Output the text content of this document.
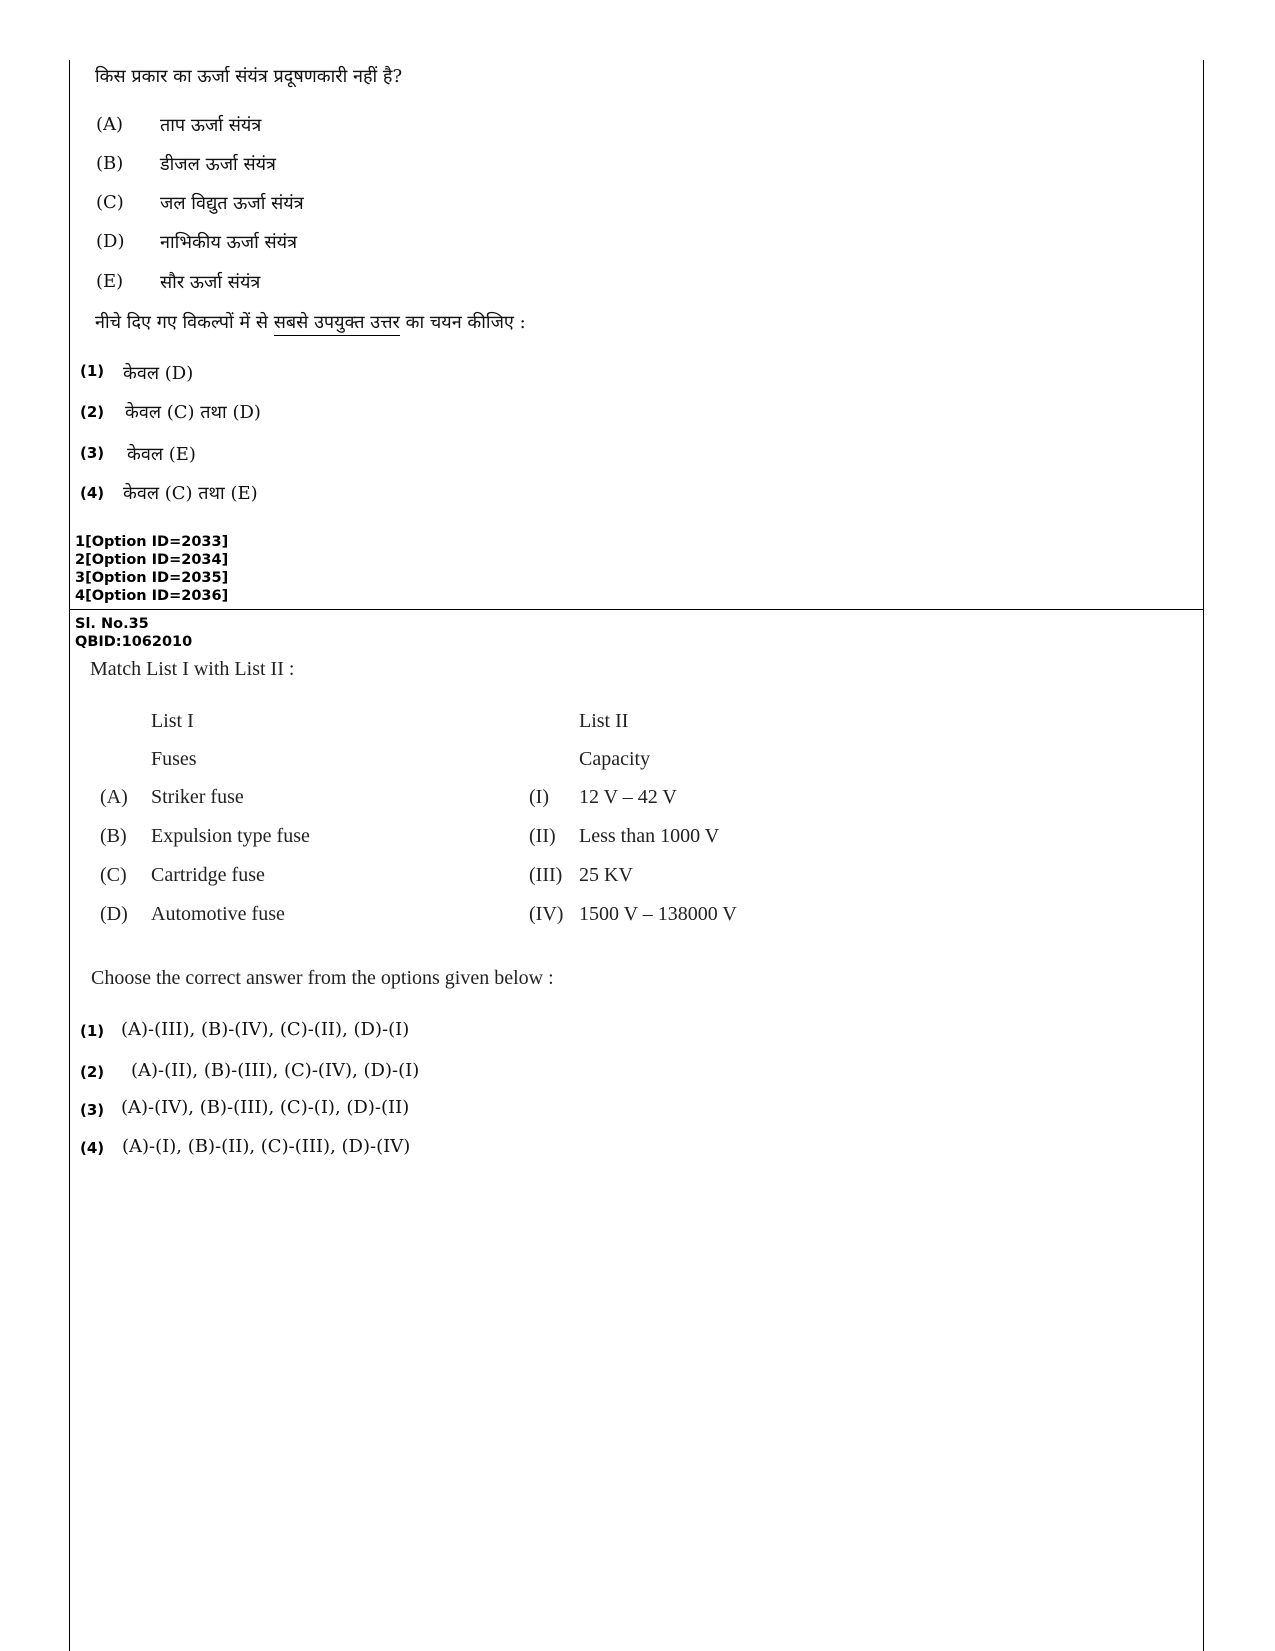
किस प्रकार का ऊर्जा संयंत्र प्रदूषणकारी नहीं है?
(A) ताप ऊर्जा संयंत्र
(B) डीजल ऊर्जा संयंत्र
(C) जल विद्युत ऊर्जा संयंत्र
(D) नाभिकीय ऊर्जा संयंत्र
(E) सौर ऊर्जा संयंत्र
नीचे दिए गए विकल्पों में से सबसे उपयुक्त उत्तर का चयन कीजिए :
(1) केवल (D)
(2) केवल (C) तथा (D)
(3) केवल (E)
(4) केवल (C) तथा (E)
1[Option ID=2033]
2[Option ID=2034]
3[Option ID=2035]
4[Option ID=2036]
Sl. No.35
QBID:1062010
Match List I with List II :
List I	List II
Fuses	Capacity
(A) Striker fuse	(I) 12 V – 42 V
(B) Expulsion type fuse	(II) Less than 1000 V
(C) Cartridge fuse	(III) 25 KV
(D) Automotive fuse	(IV) 1500 V – 138000 V
Choose the correct answer from the options given below :
(1) (A)-(III), (B)-(IV), (C)-(II), (D)-(I)
(2) (A)-(II), (B)-(III), (C)-(IV), (D)-(I)
(3) (A)-(IV), (B)-(III), (C)-(I), (D)-(II)
(4) (A)-(I), (B)-(II), (C)-(III), (D)-(IV)
